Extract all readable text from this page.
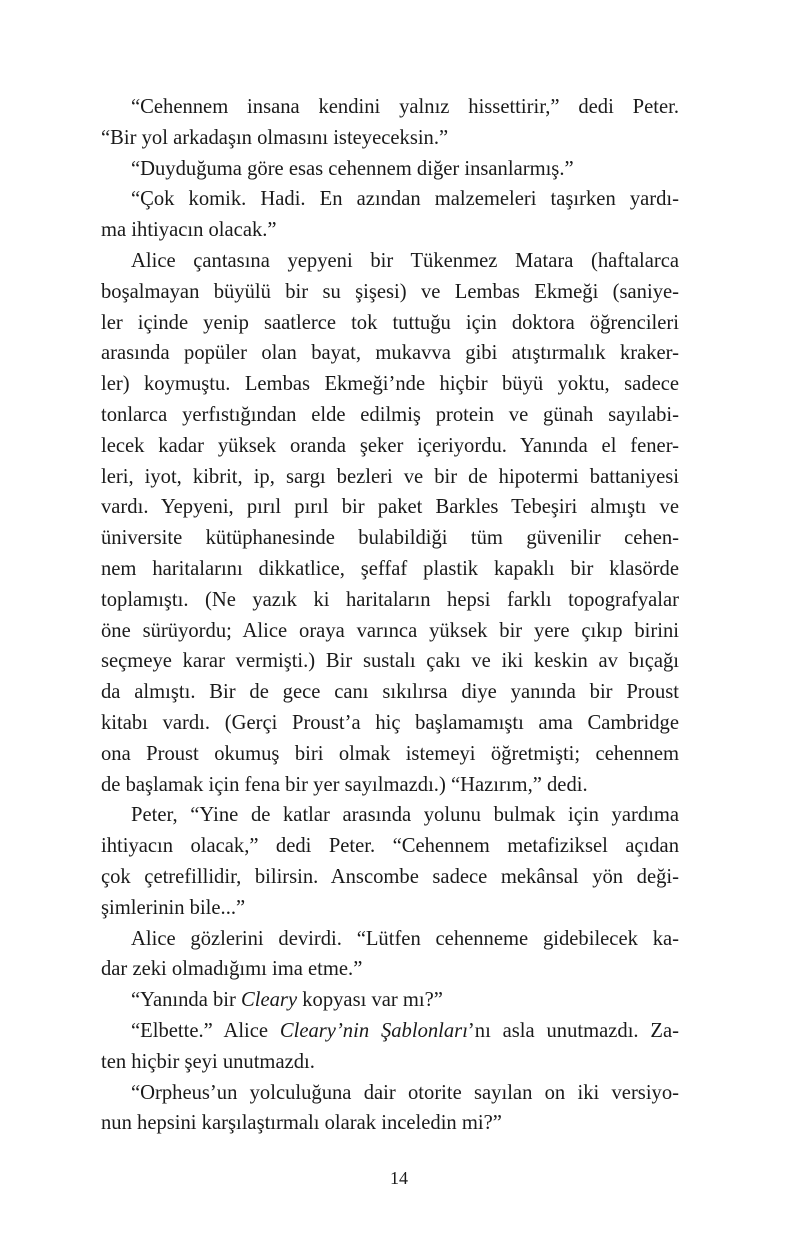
“Cehennem insana kendini yalnız hissettirir,” dedi Peter.
“Bir yol arkadaşın olmasını isteyeceksin.”
“Duyduğuma göre esas cehennem diğer insanlarmış.”
“Çok komik. Hadi. En azından malzemeleri taşırken yardı-
ma ihtiyacın olacak.”
Alice çantasına yepyeni bir Tükenmez Matara (haftalarca
boşalmayan büyülü bir su şişesi) ve Lembas Ekmeği (saniye-
ler içinde yenip saatlerce tok tuttuğu için doktora öğrencileri
arasında popüler olan bayat, mukavva gibi atıştırmalık kraker-
ler) koymuştu. Lembas Ekmeği’nde hiçbir büyü yoktu, sadece
tonlarca yerfıstığından elde edilmiş protein ve günah sayılabi-
lecek kadar yüksek oranda şeker içeriyordu. Yanında el fener-
leri, iyot, kibrit, ip, sargı bezleri ve bir de hipotermi battaniyesi
vardı. Yepyeni, pırıl pırıl bir paket Barkles Tebeşiri almıştı ve
üniversite kütüphanesinde bulabildiği tüm güvenilir cehen-
nem haritalarını dikkatlice, şeffaf plastik kapaklı bir klasörde
toplamıştı. (Ne yazık ki haritaların hepsi farklı topografyalar
öne sürüyordu; Alice oraya varınca yüksek bir yere çıkıp birini
seçmeye karar vermişti.) Bir sustalı çakı ve iki keskin av bıçağı
da almıştı. Bir de gece canı sıkılırsa diye yanında bir Proust
kitabı vardı. (Gerçi Proust’a hiç başlamamıştı ama Cambridge
ona Proust okumuş biri olmak istemeyi öğretmişti; cehennem
de başlamak için fena bir yer sayılmazdı.) “Hazırım,” dedi.
Peter, “Yine de katlar arasında yolunu bulmak için yardıma
ihtiyacın olacak,” dedi Peter. “Cehennem metafiziksel açıdan
çok çetrefillidir, bilirsin. Anscombe sadece mekânsal yön deği-
şimlerinin bile...”
Alice gözlerini devirdi. “Lütfen cehenneme gidebilecek ka-
dar zeki olmadığımı ima etme.”
“Yanında bir Cleary kopyası var mı?”
“Elbette.” Alice Cleary’nin Şablonları’nı asla unutmazdı. Za-
ten hiçbir şeyi unutmazdı.
“Orpheus’un yolculuğuna dair otorite sayılan on iki versiyo-
nun hepsini karşılaştırmalı olarak inceledin mi?”
14
